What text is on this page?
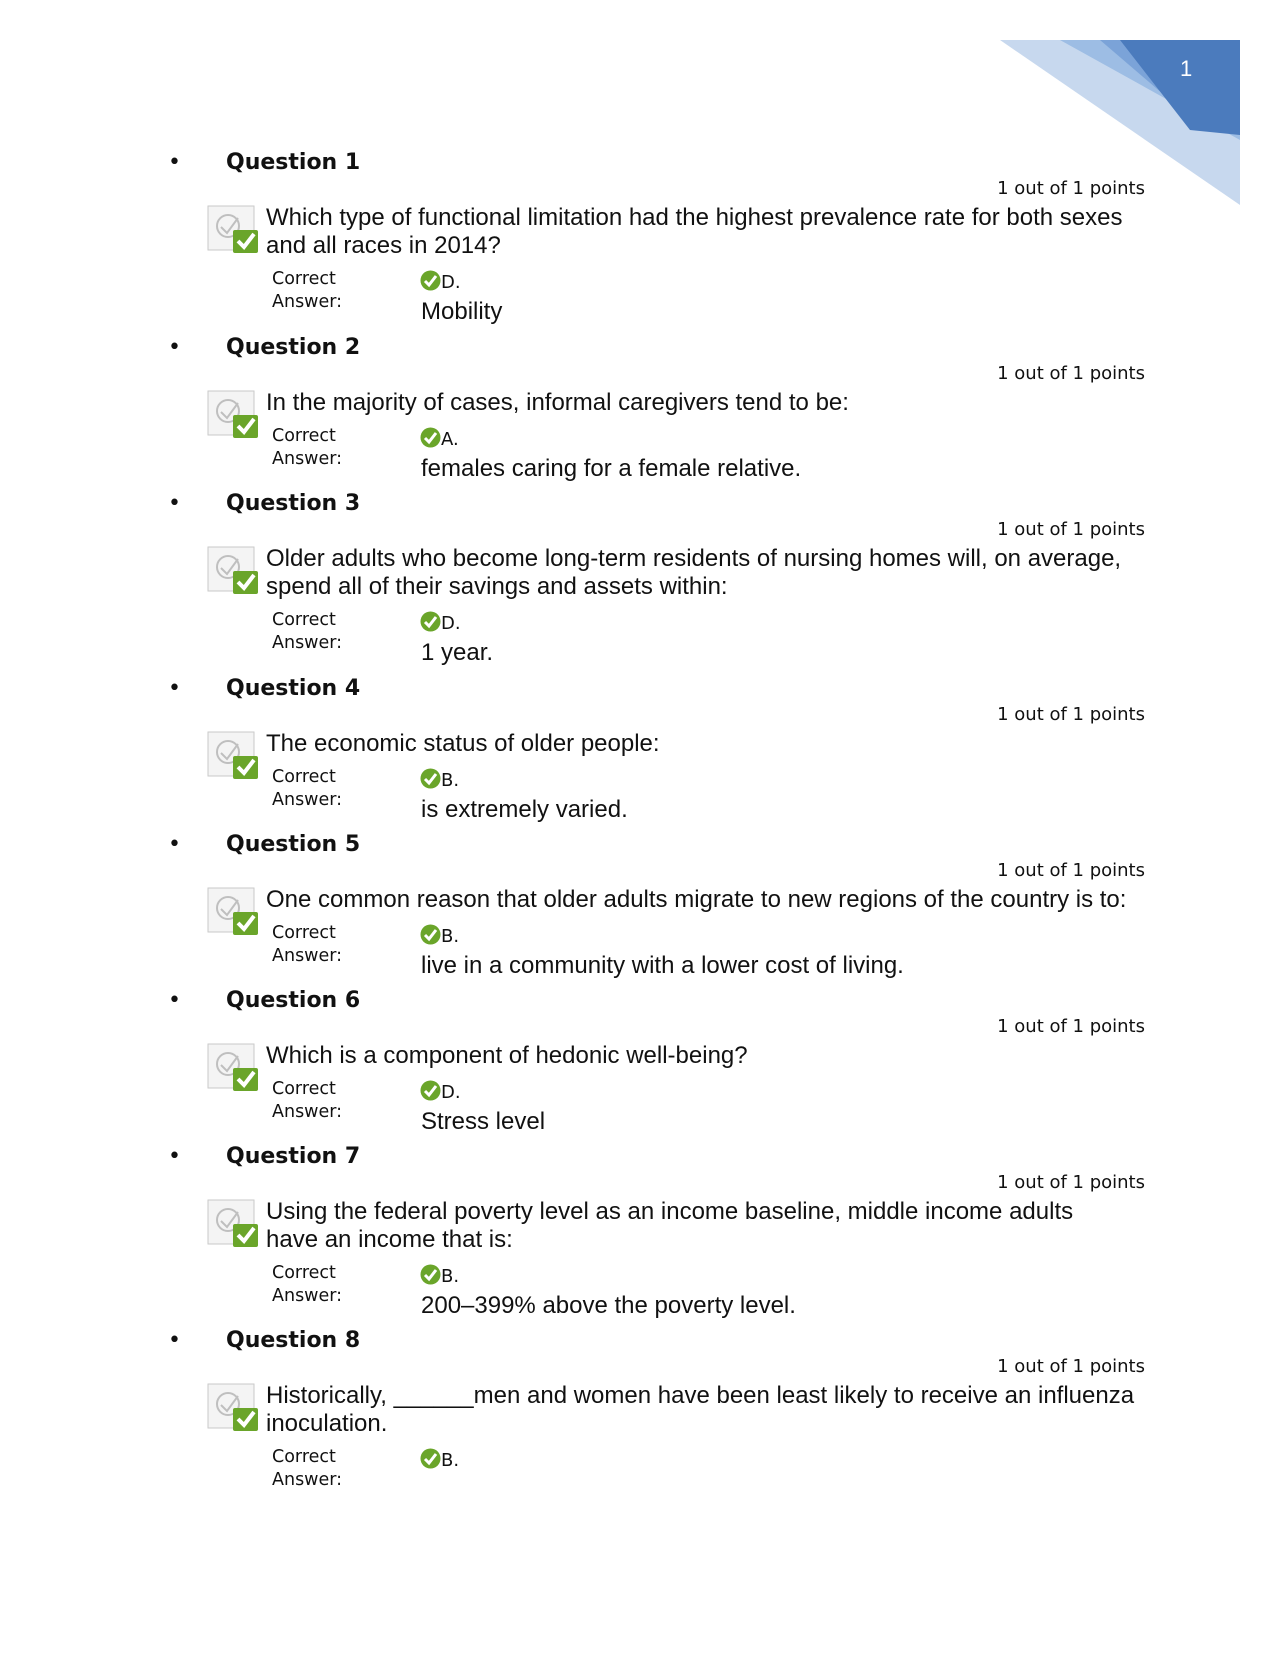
1
• Question 1
1 out of 1 points
Which type of functional limitation had the highest prevalence rate for both sexes and all races in 2014?
Correct
Answer:
D.
Mobility
• Question 2
1 out of 1 points
In the majority of cases, informal caregivers tend to be:
Correct
Answer:
A.
females caring for a female relative.
• Question 3
1 out of 1 points
Older adults who become long-term residents of nursing homes will, on average, spend all of their savings and assets within:
Correct
Answer:
D.
1 year.
• Question 4
1 out of 1 points
The economic status of older people:
Correct
Answer:
B.
is extremely varied.
• Question 5
1 out of 1 points
One common reason that older adults migrate to new regions of the country is to:
Correct
Answer:
B.
live in a community with a lower cost of living.
• Question 6
1 out of 1 points
Which is a component of hedonic well-being?
Correct
Answer:
D.
Stress level
• Question 7
1 out of 1 points
Using the federal poverty level as an income baseline, middle income adults have an income that is:
Correct
Answer:
B.
200–399% above the poverty level.
• Question 8
1 out of 1 points
Historically, ______men and women have been least likely to receive an influenza inoculation.
Correct
Answer:
B.
